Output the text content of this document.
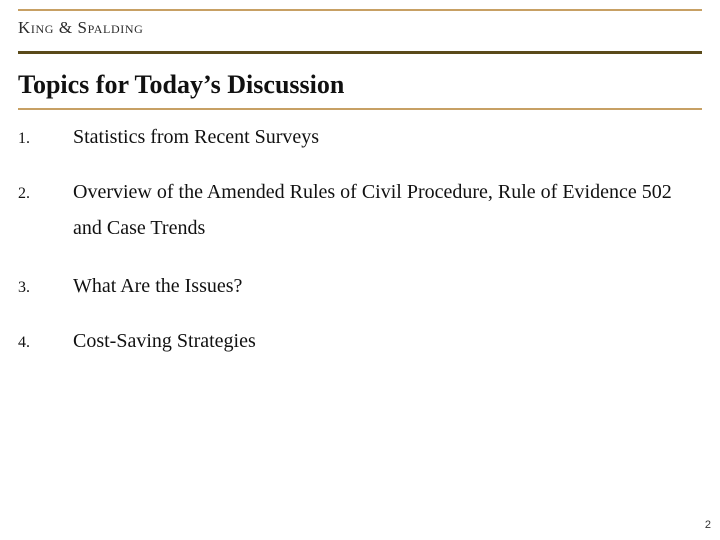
King & Spalding
Topics for Today’s Discussion
1. Statistics from Recent Surveys
2. Overview of the Amended Rules of Civil Procedure, Rule of Evidence 502 and Case Trends
3. What Are the Issues?
4. Cost-Saving Strategies
2
